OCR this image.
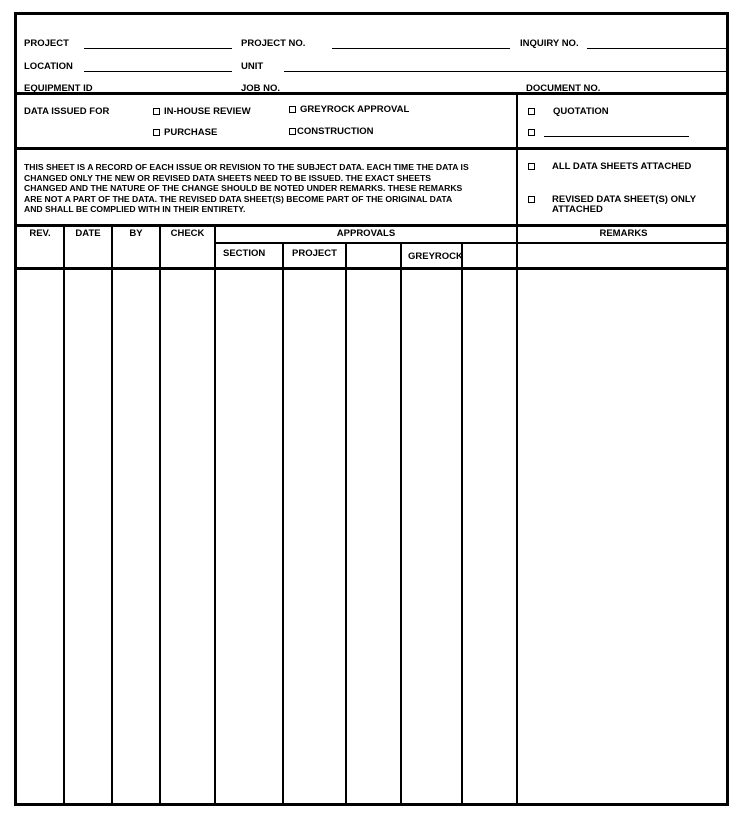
PROJECT	PROJECT NO.	INQUIRY NO.
LOCATION	UNIT
EQUIPMENT ID	JOB NO.	DOCUMENT NO.
DATA ISSUED FOR	IN-HOUSE REVIEW	GREYROCK APPROVAL	QUOTATION
PURCHASE	CONSTRUCTION
THIS SHEET IS A RECORD OF EACH ISSUE OR REVISION TO THE SUBJECT DATA. EACH TIME THE DATA IS
CHANGED ONLY THE NEW OR REVISED DATA SHEETS NEED TO BE ISSUED. THE EXACT SHEETS
CHANGED AND THE NATURE OF THE CHANGE SHOULD BE NOTED UNDER REMARKS. THESE REMARKS
ARE NOT A PART OF THE DATA. THE REVISED DATA SHEET(S) BECOME PART OF THE ORIGINAL DATA
AND SHALL BE COMPLIED WITH IN THEIR ENTIRETY.
ALL DATA SHEETS ATTACHED
REVISED DATA SHEET(S) ONLY
ATTACHED
REV.	DATE	BY	CHECK	APPROVALS	REMARKS
SECTION	PROJECT	GREYROCK
